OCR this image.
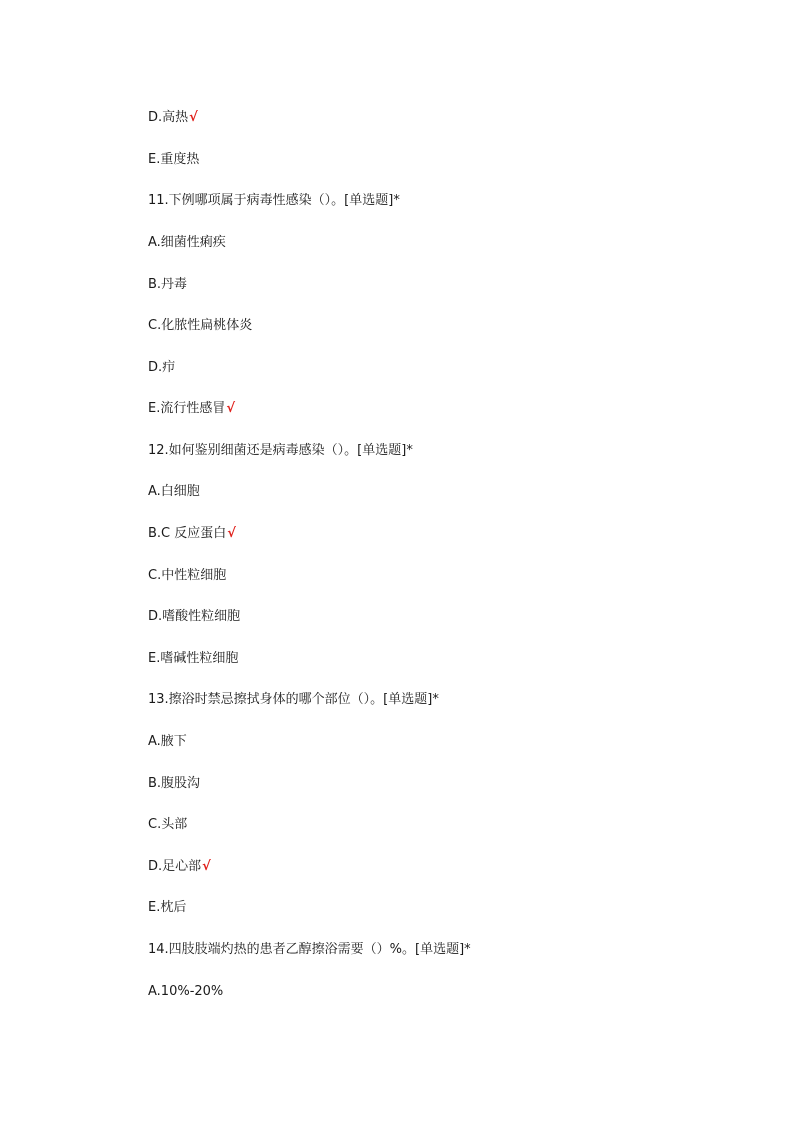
D.高热√
E.重度热
11.下例哪项属于病毒性感染（）。[单选题]*
A.细菌性痢疾
B.丹毒
C.化脓性扁桃体炎
D.疖
E.流行性感冒√
12.如何鉴别细菌还是病毒感染（）。[单选题]*
A.白细胞
B.C 反应蛋白√
C.中性粒细胞
D.嗜酸性粒细胞
E.嗜碱性粒细胞
13.擦浴时禁忌擦拭身体的哪个部位（）。[单选题]*
A.腋下
B.腹股沟
C.头部
D.足心部√
E.枕后
14.四肢肢端灼热的患者乙醇擦浴需要（）%。[单选题]*
A.10%-20%
